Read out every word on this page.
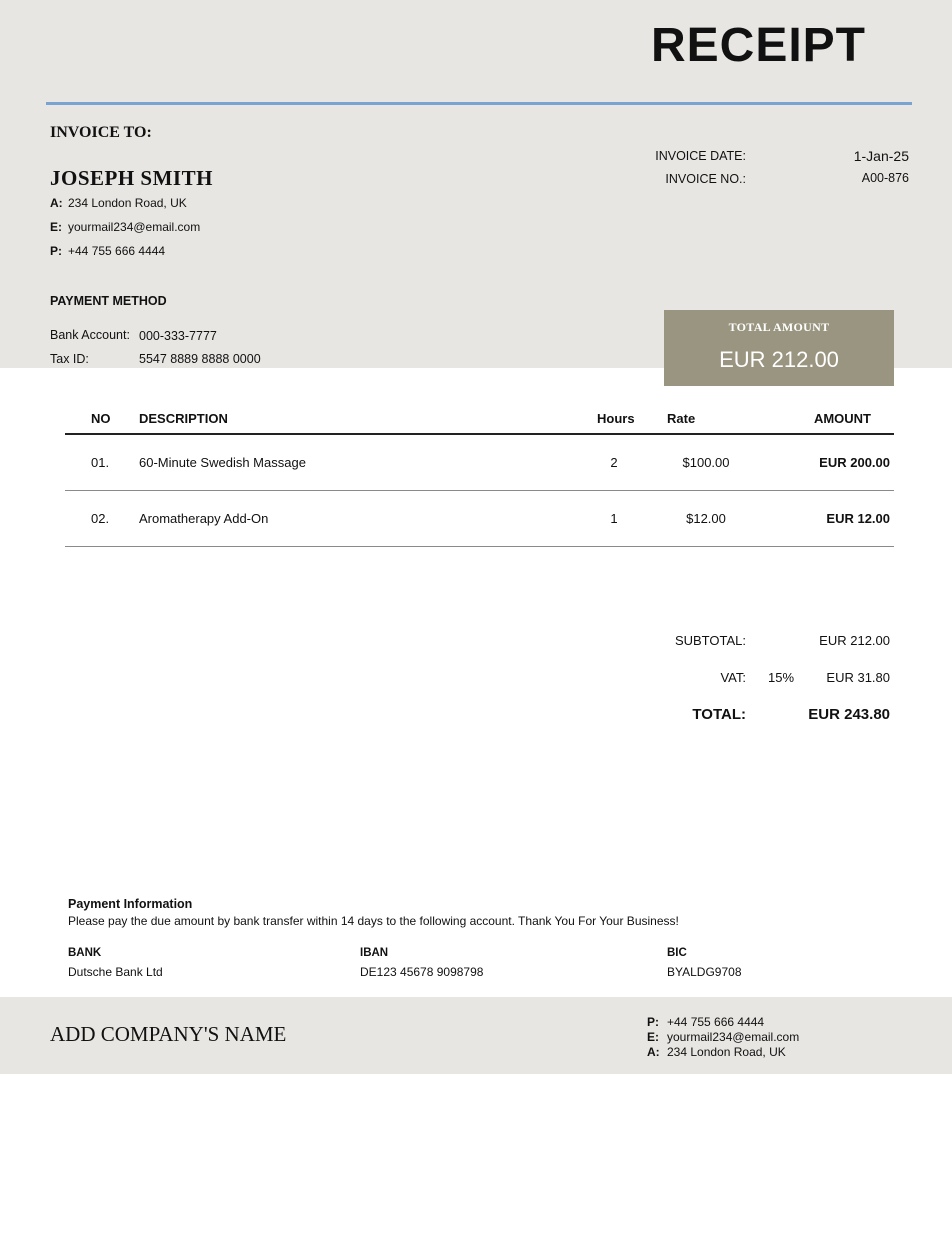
RECEIPT
INVOICE TO:
JOSEPH SMITH
A: 234 London Road, UK
E: yourmail234@email.com
P: +44 755 666 4444
INVOICE DATE:	1-Jan-25
INVOICE NO.:	A00-876
PAYMENT METHOD
Bank Account: 000-333-7777
Tax ID:	5547 8889 8888 0000
TOTAL AMOUNT
EUR 212.00
NO DESCRIPTION	Hours Rate	AMOUNT
01. 60-Minute Swedish Massage	2	$100.00	EUR 200.00
02. Aromatherapy Add-On	1	$12.00	EUR 12.00
SUBTOTAL:	EUR 212.00
VAT: 15%	EUR 31.80
TOTAL:	EUR 243.80
Payment Information
Please pay the due amount by bank transfer within 14 days to the following account. Thank You For Your Business!
BANK
Dutsche Bank Ltd
IBAN
DE123 45678 9098798
BIC
BYALDG9708
ADD COMPANY'S NAME	P: +44 755 666 4444
E: yourmail234@email.com
A: 234 London Road, UK
